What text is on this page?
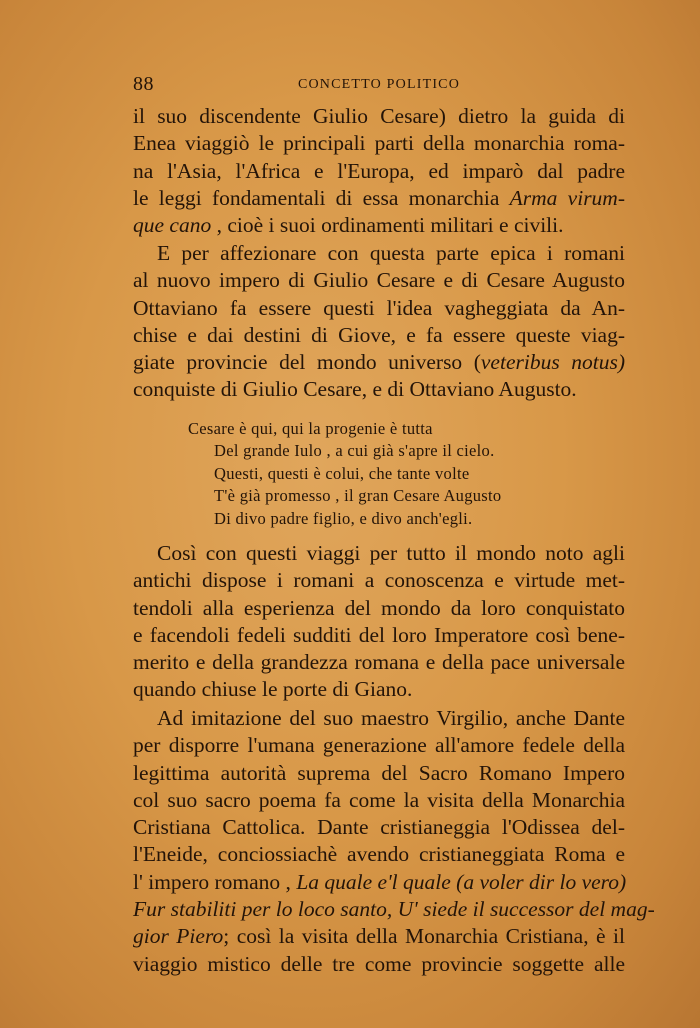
88	CONCETTO POLITICO
il suo discendente Giulio Cesare) dietro la guida di
Enea viaggiò le principali parti della monarchia roma-
na l'Asia, l'Africa e l'Europa, ed imparò dal padre
le leggi fondamentali di essa monarchia Arma virum-
que cano , cioè i suoi ordinamenti militari e civili.
E per affezionare con questa parte epica i romani
al nuovo impero di Giulio Cesare e di Cesare Augusto
Ottaviano fa essere questi l'idea vagheggiata da An-
chise e dai destini di Giove, e fa essere queste viag-
giate provincie del mondo universo (veteribus notus)
conquiste di Giulio Cesare, e di Ottaviano Augusto.
Cesare è qui, qui la progenie è tutta
Del grande Iulo , a cui già s'apre il cielo.
Questi, questi è colui, che tante volte
T'è già promesso , il gran Cesare Augusto
Di divo padre figlio, e divo anch'egli.
Così con questi viaggi per tutto il mondo noto agli
antichi dispose i romani a conoscenza e virtude met-
tendoli alla esperienza del mondo da loro conquistato
e facendoli fedeli sudditi del loro Imperatore così bene-
merito e della grandezza romana e della pace universale
quando chiuse le porte di Giano.
Ad imitazione del suo maestro Virgilio, anche Dante
per disporre l'umana generazione all'amore fedele della
legittima autorità suprema del Sacro Romano Impero
col suo sacro poema fa come la visita della Monarchia
Cristiana Cattolica. Dante cristianeggia l'Odissea del-
l'Eneide, conciossiachè avendo cristianeggiata Roma e
l' impero romano , La quale e'l quale (a voler dir lo vero)
Fur stabiliti per lo loco santo, U' siede il successor del mag-
gior Piero; così la visita della Monarchia Cristiana, è il
viaggio mistico delle tre come provincie soggette alle
